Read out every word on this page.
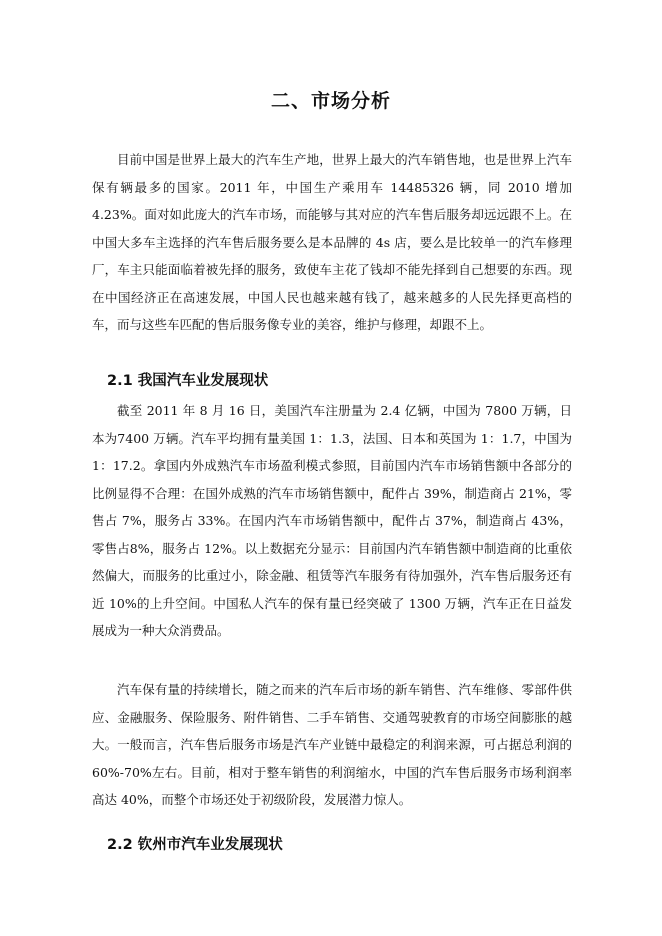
二、市场分析

目前中国是世界上最大的汽车生产地，世界上最大的汽车销售地，也是世界上汽车保有辆最多的国家。2011 年，中国生产乘用车 14485326 辆，同 2010 增加 4.23%。面对如此庞大的汽车市场，而能够与其对应的汽车售后服务却远远跟不上。在中国大多车主选择的汽车售后服务要么是本品牌的 4s 店，要么是比较单一的汽车修理厂，车主只能面临着被先择的服务，致使车主花了钱却不能先择到自己想要的东西。现在中国经济正在高速发展，中国人民也越来越有钱了，越来越多的人民先择更高档的车，而与这些车匹配的售后服务像专业的美容，维护与修理，却跟不上。

2.1 我国汽车业发展现状

截至 2011 年 8 月 16 日，美国汽车注册量为 2.4 亿辆，中国为 7800 万辆，日本为7400 万辆。汽车平均拥有量美国 1：1.3，法国、日本和英国为 1：1.7，中国为1：17.2。拿国内外成熟汽车市场盈利模式参照，目前国内汽车市场销售额中各部分的比例显得不合理：在国外成熟的汽车市场销售额中，配件占 39%，制造商占 21%，零售占 7%，服务占 33%。在国内汽车市场销售额中，配件占 37%，制造商占 43%，零售占8%，服务占 12%。以上数据充分显示：目前国内汽车销售额中制造商的比重依然偏大，而服务的比重过小，除金融、租赁等汽车服务有待加强外，汽车售后服务还有近 10%的上升空间。中国私人汽车的保有量已经突破了 1300 万辆，汽车正在日益发展成为一种大众消费品。

汽车保有量的持续增长，随之而来的汽车后市场的新车销售、汽车维修、零部件供应、金融服务、保险服务、附件销售、二手车销售、交通驾驶教育的市场空间膨胀的越大。一般而言，汽车售后服务市场是汽车产业链中最稳定的利润来源，可占据总利润的 60%-70%左右。目前，相对于整车销售的利润缩水，中国的汽车售后服务市场利润率高达 40%，而整个市场还处于初级阶段，发展潜力惊人。

2.2 钦州市汽车业发展现状
